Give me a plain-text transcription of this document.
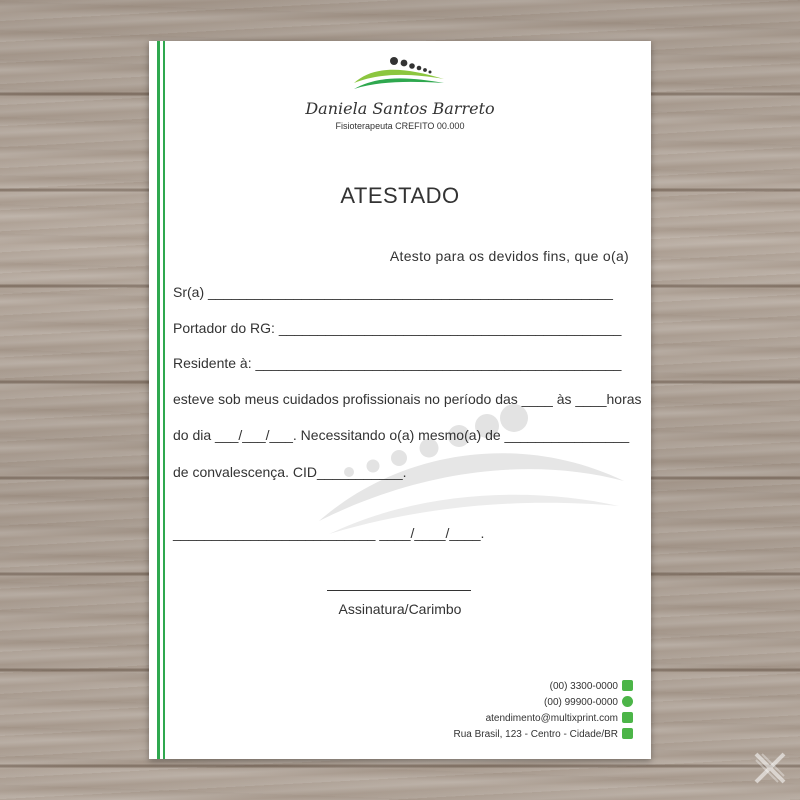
Daniela Santos Barreto
Fisioterapeuta CREFITO 00.000
ATESTADO
Atesto para os devidos fins, que o(a)
Sr(a) ____________________________________________________
Portador do RG: ____________________________________________
Residente à: _______________________________________________
esteve sob meus cuidados profissionais no período das ____ às ____horas
do dia ___/___/___. Necessitando o(a) mesmo(a) de ________________
de convalescença. CID___________.
__________________________ ____/____/____.
Assinatura/Carimbo
(00) 3300-0000
(00) 99900-0000
atendimento@multixprint.com
Rua Brasil, 123 - Centro - Cidade/BR
